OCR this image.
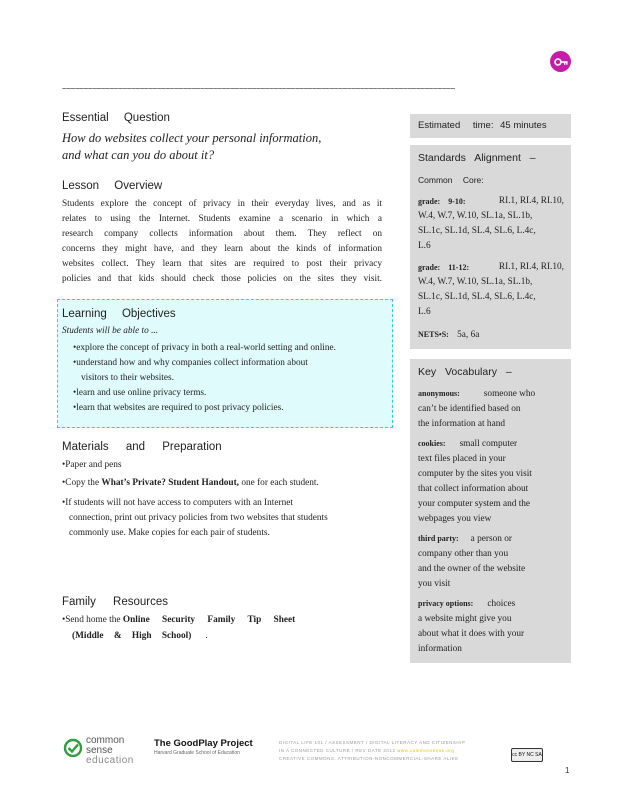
~~~~~~~~~~~~~~~~~~~~~~~~~~~~~~~~~~~~~~~~~~~~~~~~~~~~~~~~~~~~~~~~~~~~~~~~~~~~~~~~~~~~~~~~~~~
Essential Question
How do websites collect your personal information,
and what can you do about it?
Lesson Overview
Students explore the concept of privacy in their everyday lives, and as it
relates to using the Internet. Students examine a scenario in which a
research company collects information about them. They reflect on
concerns they might have, and they learn about the kinds of information
websites collect. They learn that sites are required to post their privacy
policies and that kids should check those policies on the sites they visit.
Learning Objectives
Students will be able to ...
•explore the concept of privacy in both a real-world setting and online.
•understand how and why companies collect information about
visitors to their websites.
•learn and use online privacy terms.
•learn that websites are required to post privacy policies.
Materials and Preparation
•Paper and pens
•Copy the What’s Private? Student Handout, one for each student.
•If students will not have access to computers with an Internet
connection, print out privacy policies from two websites that students
commonly use. Make copies for each pair of students.
Family Resources
•Send home the Online Security Family Tip Sheet
(Middle & High School) .
Estimated time: 45 minutes
Standards Alignment –
Common Core:
grade: 9-10:	RI.1, RI.4, RI.10,
W.4, W.7, W.10, SL.1a, SL.1b,
SL.1c, SL.1d, SL.4, SL.6, L.4c,
L.6
grade: 11-12:	RI.1, RI.4, RI.10,
W.4, W.7, W.10, SL.1a, SL.1b,
SL.1c, SL.1d, SL.4, SL.6, L.4c,
L.6
NETS•S: 5a, 6a
Key Vocabulary –
anonymous:	someone who
can’t be identified based on
the information at hand
cookies: small computer
text files placed in your
computer by the sites you visit
that collect information about
your computer system and the
webpages you view
third party: a person or
company other than you
and the owner of the website
you visit
privacy options: choices
a website might give you
about what it does with your
information
common
sense
education
The GoodPlay Project
Harvard Graduate School of Education
DIGITAL LIFE 101 / ASSESSMENT / DIGITAL LITERACY AND CITIZENSHIP
IN A CONNECTED CULTURE / REV DATE 2012 www.commonsense.org
CREATIVE COMMONS: ATTRIBUTION-NONCOMMERCIAL-SHARE ALIKE
cc BY NC SA
1
